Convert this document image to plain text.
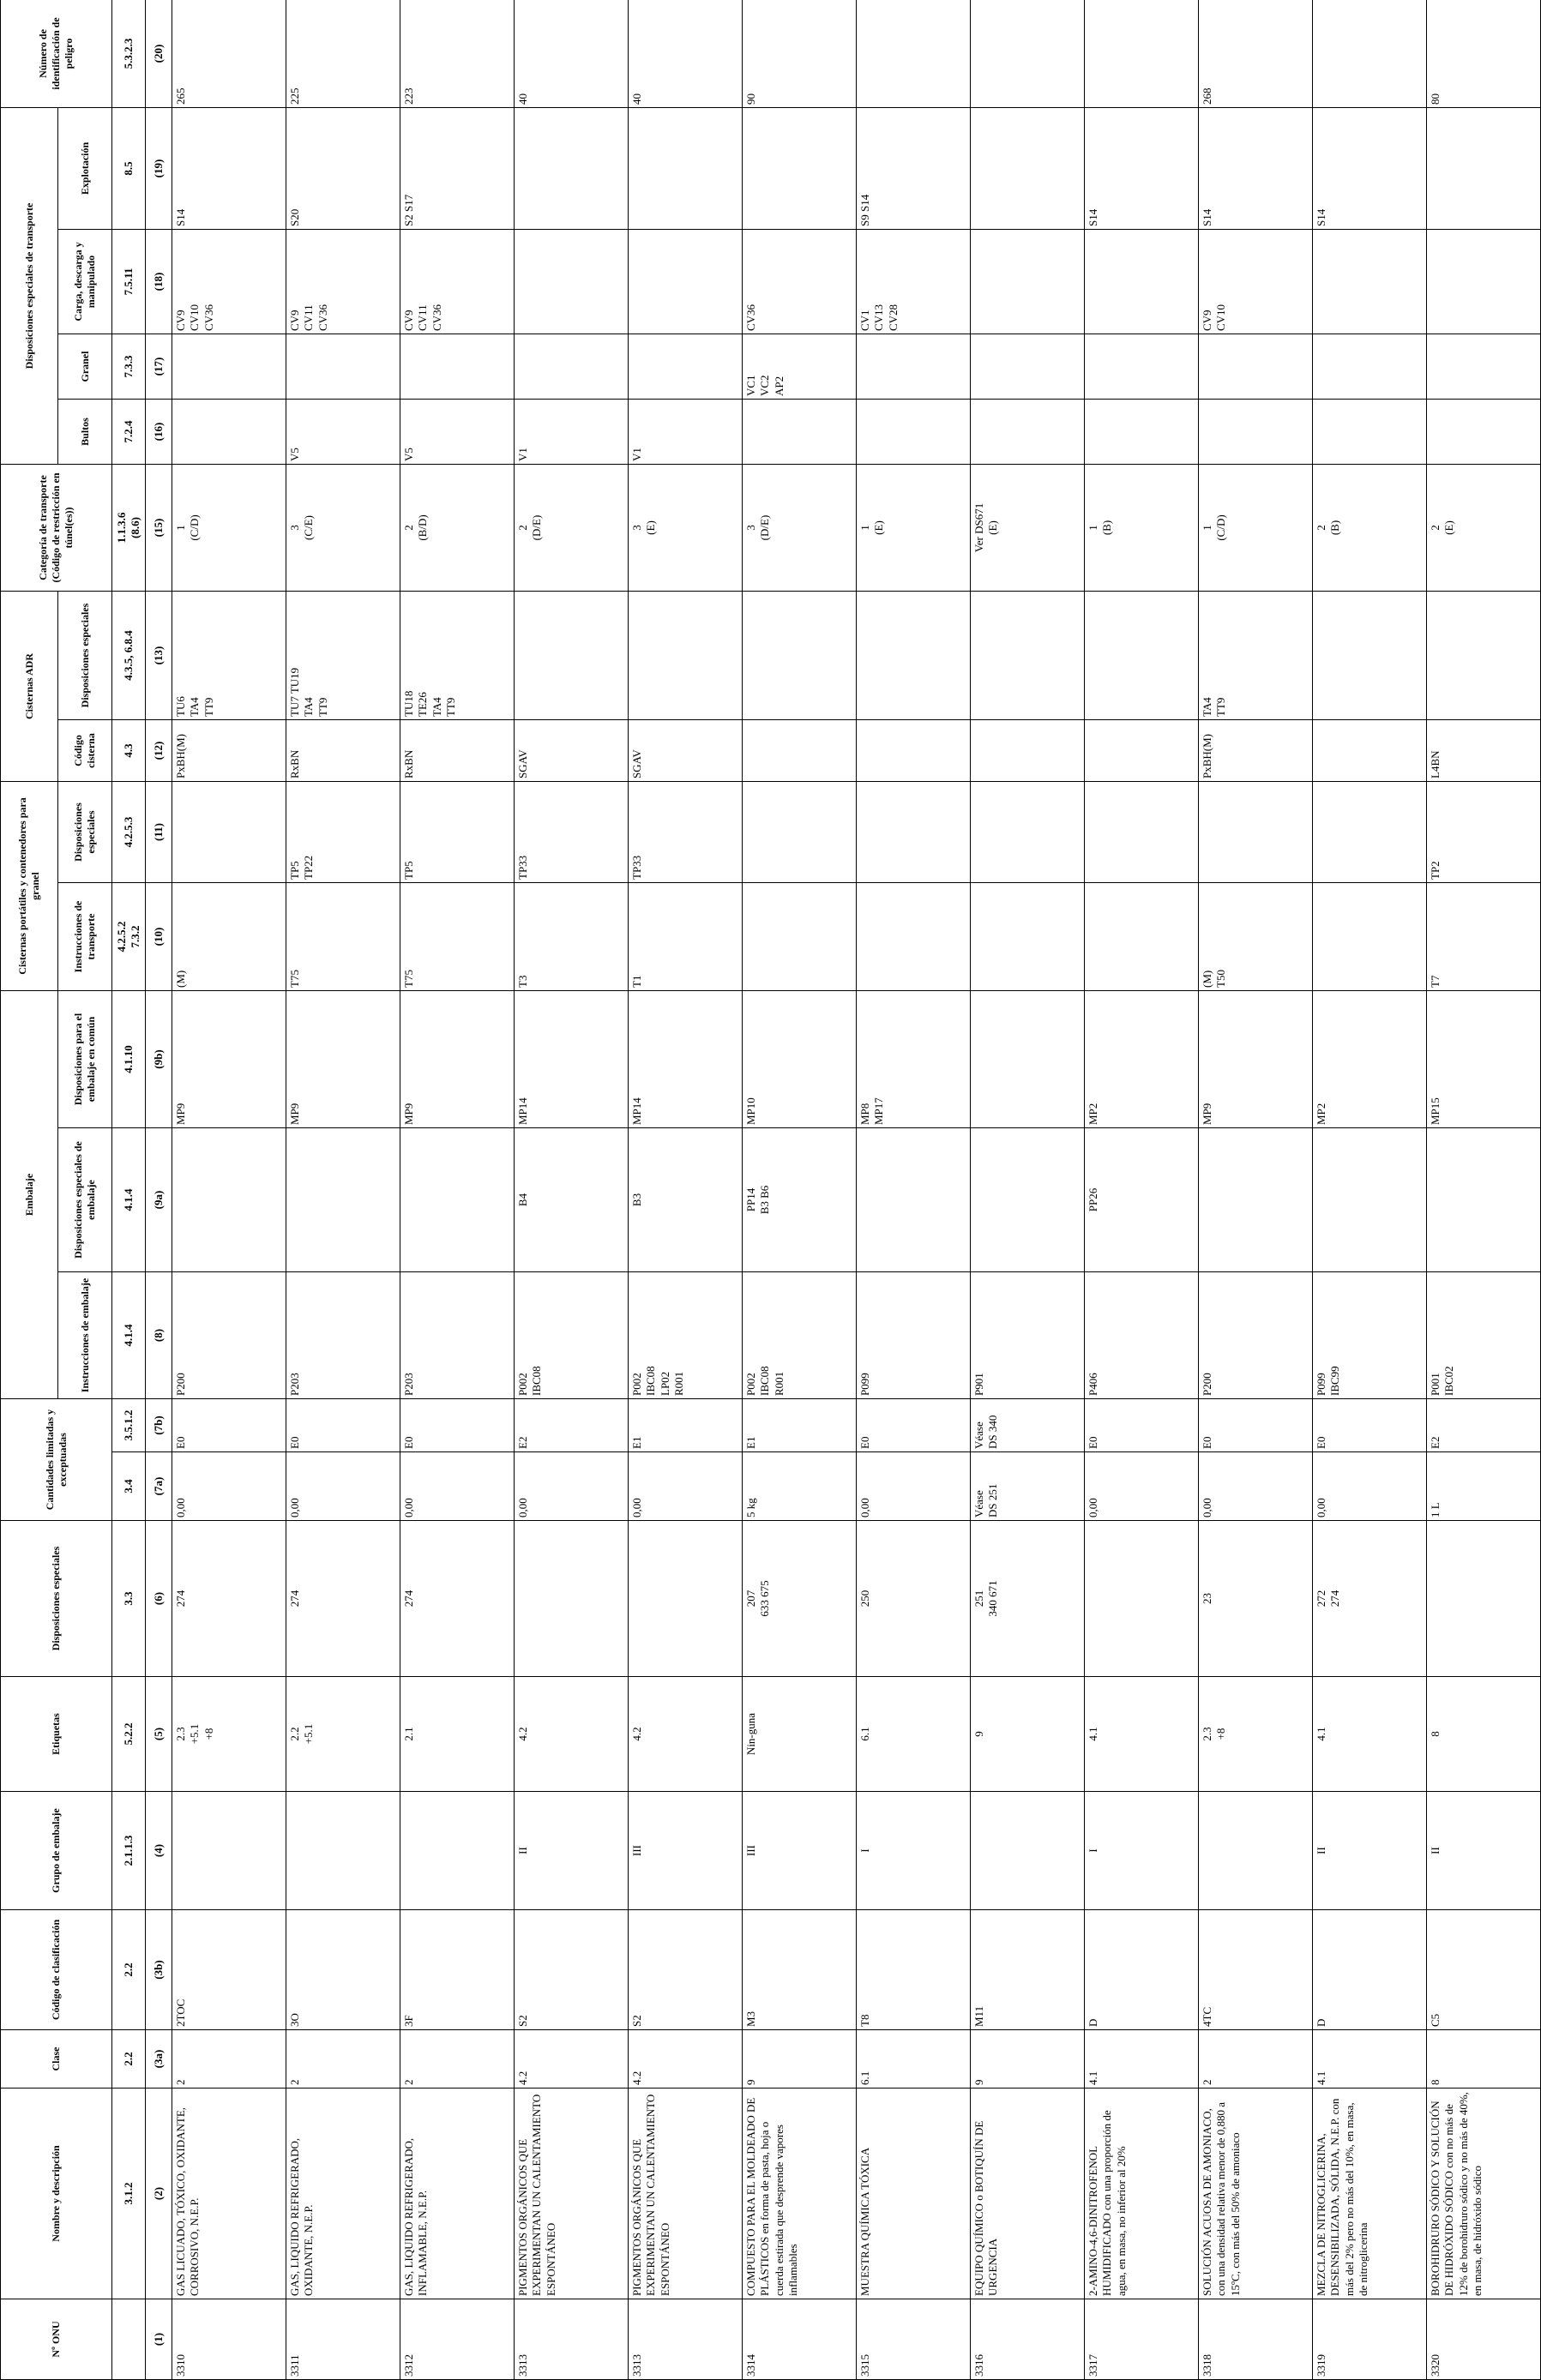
Nº ONU	Nombre y descripción	Clase	Código de clasificación	Grupo de embalaje	Etiquetas	Disposiciones especiales	Cantidades limitadas y exceptuadas		Embalaje			Cisternas portátiles y contenedores para granel		Cisternas ADR		Categoría de transporte (Código de restricción en túnel(es))	Disposiciones especiales de transporte				Número de identificación de peligro
									Instrucciones de embalaje	Disposiciones especiales de embalaje	Disposiciones para el embalaje en común	Instrucciones de transporte	Disposiciones especiales	Código cisterna	Disposiciones especiales		Bultos	Granel	Carga, descarga y manipulado	Explotación	
	3.1.2	2.2	2.2	2.1.1.3	5.2.2	3.3	3.4	3.5.1.2	4.1.4	4.1.4	4.1.10	4.2.5.2
7.3.2	4.2.5.3	4.3	4.3.5, 6.8.4	1.1.3.6
(8.6)	7.2.4	7.3.3	7.5.11	8.5	5.3.2.3
(1)	(2)	(3a)	(3b)	(4)	(5)	(6)	(7a)	(7b)	(8)	(9a)	(9b)	(10)	(11)	(12)	(13)	(15)	(16)	(17)	(18)	(19)	(20)
3310	GAS LICUADO, TÓXICO, OXIDANTE, CORROSIVO, N.E.P.	2	2TOC		2.3
+5.1
+8	274	0,00	E0	P200		MP9	(M)		PxBH(M)	TU6
TA4
TT9	1
(C/D)			CV9
CV10
CV36	S14	265
3311	GAS, LIQUIDO REFRIGERADO, OXIDANTE, N.E.P.	2	3O		2.2
+5.1	274	0,00	E0	P203		MP9	T75	TP5
TP22	RxBN	TU7 TU19
TA4
TT9	3
(C/E)	V5		CV9
CV11
CV36	S20	225
3312	GAS, LIQUIDO REFRIGERADO, INFLAMABLE, N.E.P.	2	3F		2.1	274	0,00	E0	P203		MP9	T75	TP5	RxBN	TU18
TE26
TA4
TT9	2
(B/D)	V5		CV9
CV11
CV36	S2 S17	223
3313	PIGMENTOS ORGÁNICOS QUE EXPERIMENTAN UN CALENTAMIENTO ESPONTÁNEO	4.2	S2	II	4.2		0,00	E2	P002
IBC08	B4	MP14	T3	TP33	SGAV		2
(D/E)	V1				40
3313	PIGMENTOS ORGÁNICOS QUE EXPERIMENTAN UN CALENTAMIENTO ESPONTÁNEO	4.2	S2	III	4.2		0,00	E1	P002
IBC08
LP02
R001	B3	MP14	T1	TP33	SGAV		3
(E)	V1				40
3314	COMPUESTO PARA EL MOLDEADO DE PLÁSTICOS en forma de pasta, hoja o cuerda estirada que desprende vapores inflamables	9	M3	III	Nin-guna	207
633 675	5 kg	E1	P002
IBC08
R001	PP14
B3 B6	MP10					3
(D/E)		VC1
VC2
AP2	CV36		90
3315	MUESTRA QUÍMICA TÓXICA	6.1	T8	I	6.1	250	0,00	E0	P099		MP8
MP17					1
(E)			CV1
CV13
CV28	S9 S14	
3316	EQUIPO QUÍMICO o BOTIQUÍN DE URGENCIA	9	M11		9	251
340 671	Véase
DS 251	Véase
DS 340	P901							Ver DS671
(E)					
3317	2-AMINO-4,6-DINITROFENOL HUMIDIFICADO con una proporción de agua, en masa, no inferior al 20%	4.1	D	I	4.1		0,00	E0	P406	PP26	MP2					1
(B)				S14	
3318	SOLUCIÓN ACUOSA DE AMONIACO, con una densidad relativa menor de 0,880 a 15ºC, con más del 50% de amoniaco	2	4TC		2.3
+8	23	0,00	E0	P200		MP9	(M)
T50		PxBH(M)	TA4
TT9	1
(C/D)			CV9
CV10	S14	268
3319	MEZCLA DE NITROGLICERINA, DESENSIBILIZADA, SÓLIDA, N.E.P. con más del 2% pero no más del 10%, en masa, de nitroglicerina	4.1	D	II	4.1	272
274	0,00	E0	P099
IBC99		MP2					2
(B)				S14	
3320	BOROHIDRURO SÓDICO Y SOLUCIÓN DE HIDRÓXIDO SÓDICO con no más de 12% de borohidruro sódico y no más de 40%, en masa, de hidróxido sódico	8	C5	II	8		1 L	E2	P001
IBC02		MP15	T7	TP2	L4BN		2
(E)					80
